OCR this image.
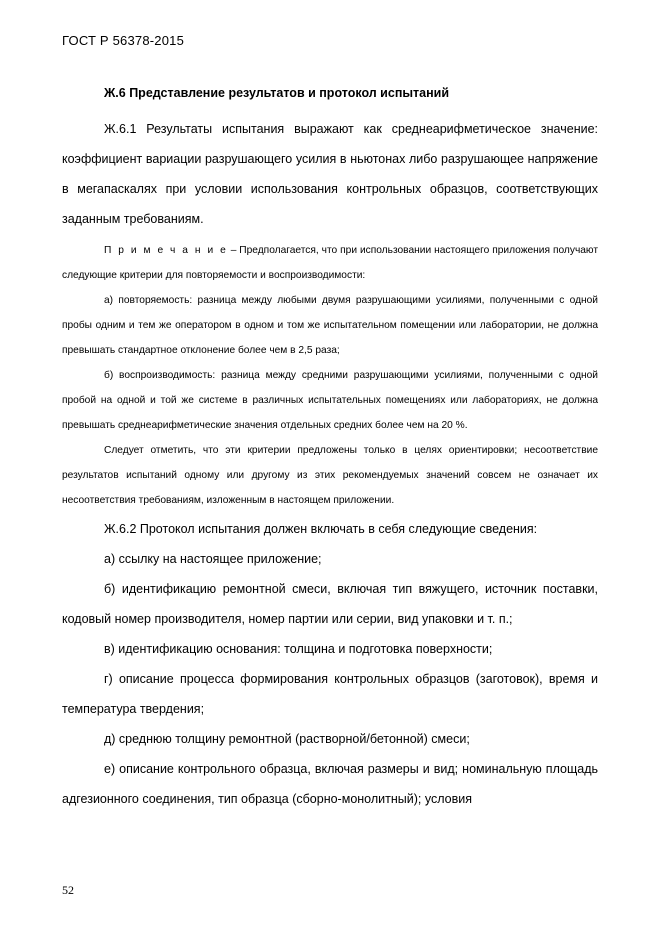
ГОСТ Р 56378-2015

Ж.6 Представление результатов и протокол испытаний

Ж.6.1 Результаты испытания выражают как среднеарифметическое значение: коэффициент вариации разрушающего усилия в ньютонах либо разрушающее напряжение в мегапаскалях при условии использования контрольных образцов, соответствующих заданным требованиям.

П р и м е ч а н и е – Предполагается, что при использовании настоящего приложения получают следующие критерии для повторяемости и воспроизводимости:

а) повторяемость: разница между любыми двумя разрушающими усилиями, полученными с одной пробы одним и тем же оператором в одном и том же испытательном помещении или лаборатории, не должна превышать стандартное отклонение более чем в 2,5 раза;

б) воспроизводимость: разница между средними разрушающими усилиями, полученными с одной пробой на одной и той же системе в различных испытательных помещениях или лабораториях, не должна превышать среднеарифметические значения отдельных средних более чем на 20 %.

Следует отметить, что эти критерии предложены только в целях ориентировки; несоответствие результатов испытаний одному или другому из этих рекомендуемых значений совсем не означает их несоответствия требованиям, изложенным в настоящем приложении.

Ж.6.2 Протокол испытания должен включать в себя следующие сведения:

а) ссылку на настоящее приложение;

б) идентификацию ремонтной смеси, включая тип вяжущего, источник поставки, кодовый номер производителя, номер партии или серии, вид упаковки и т. п.;

в) идентификацию основания: толщина и подготовка поверхности;

г) описание процесса формирования контрольных образцов (заготовок), время и температура твердения;

д) среднюю толщину ремонтной (растворной/бетонной) смеси;

е) описание контрольного образца, включая размеры и вид; номинальную площадь адгезионного соединения, тип образца (сборно-монолитный); условия

52
